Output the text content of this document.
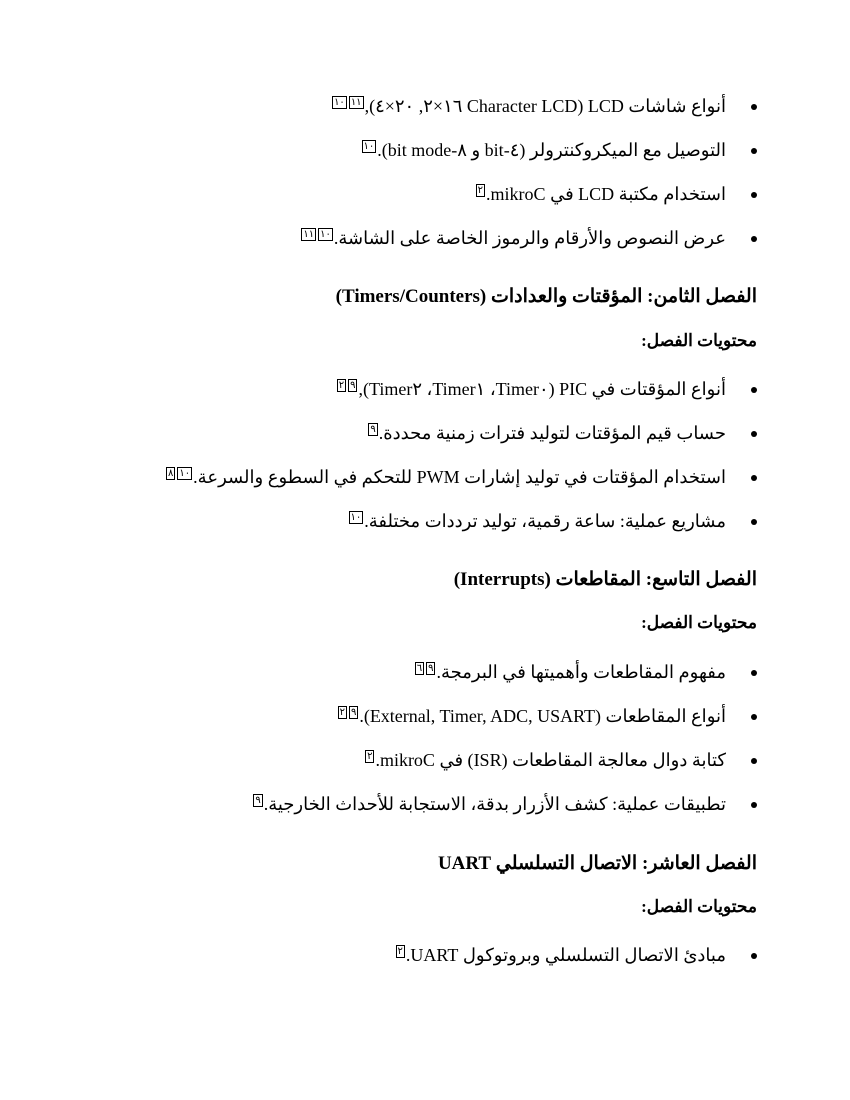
أنواع شاشات LCD (Character LCD ١٦×٢, ٢٠×٤),$^{١٠}$ $^{١١}$
التوصيل مع الميكروكنترولر (٤-bit و ٨-bit mode).$^{١٠}$
استخدام مكتبة LCD في mikroC.$^٢$
عرض النصوص والأرقام والرموز الخاصة على الشاشة.$^{١١}$ $^{١٠}$
الفصل الثامن: المؤقتات والعدادات (Timers/Counters)
محتويات الفصل:
أنواع المؤقتات في PIC (Timer٠، Timer١، Timer٢),$^٢$ $^٩$
حساب قيم المؤقتات لتوليد فترات زمنية محددة.$^٩$
استخدام المؤقتات في توليد إشارات PWM للتحكم في السطوع والسرعة.$^٨$ $^{١٠}$
مشاريع عملية: ساعة رقمية، توليد ترددات مختلفة.$^{١٠}$
الفصل التاسع: المقاطعات (Interrupts)
محتويات الفصل:
مفهوم المقاطعات وأهميتها في البرمجة.$^٦$ $^٩$
أنواع المقاطعات (External, Timer, ADC, USART).$^٢$ $^٩$
كتابة دوال معالجة المقاطعات (ISR) في mikroC.$^٢$
تطبيقات عملية: كشف الأزرار بدقة، الاستجابة للأحداث الخارجية.$^٩$
الفصل العاشر: الاتصال التسلسلي UART
محتويات الفصل:
مبادئ الاتصال التسلسلي وبروتوكول UART.$^٢$
